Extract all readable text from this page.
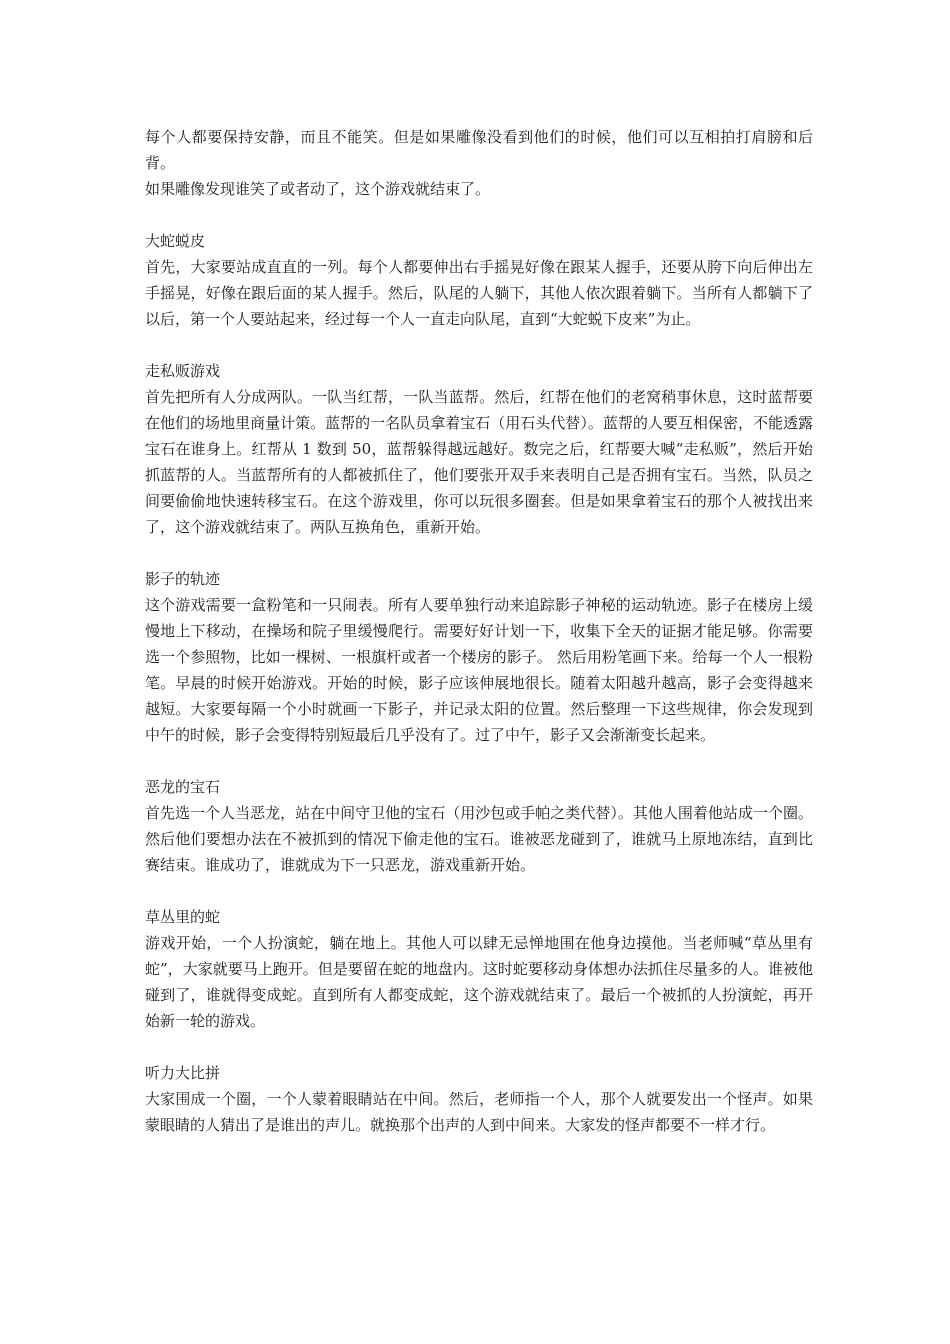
每个人都要保持安静，而且不能笑。但是如果雕像没看到他们的时候，他们可以互相拍打肩膀和后背。

如果雕像发现谁笑了或者动了，这个游戏就结束了。

大蛇蜕皮

首先，大家要站成直直的一列。每个人都要伸出右手摇晃好像在跟某人握手，还要从胯下向后伸出左手摇晃，好像在跟后面的某人握手。然后，队尾的人躺下，其他人依次跟着躺下。当所有人都躺下了以后，第一个人要站起来，经过每一个人一直走向队尾，直到“大蛇蜕下皮来”为止。

走私贩游戏

首先把所有人分成两队。一队当红帮，一队当蓝帮。然后，红帮在他们的老窝稍事休息，这时蓝帮要在他们的场地里商量计策。蓝帮的一名队员拿着宝石（用石头代替）。蓝帮的人要互相保密，不能透露宝石在谁身上。红帮从 1 数到 50，蓝帮躲得越远越好。数完之后，红帮要大喊“走私贩”，然后开始抓蓝帮的人。当蓝帮所有的人都被抓住了，他们要张开双手来表明自己是否拥有宝石。当然，队员之间要偷偷地快速转移宝石。在这个游戏里，你可以玩很多圈套。但是如果拿着宝石的那个人被找出来了，这个游戏就结束了。两队互换角色，重新开始。

影子的轨迹

这个游戏需要一盒粉笔和一只闹表。所有人要单独行动来追踪影子神秘的运动轨迹。影子在楼房上缓慢地上下移动，在操场和院子里缓慢爬行。需要好好计划一下，收集下全天的证据才能足够。你需要选一个参照物，比如一棵树、一根旗杆或者一个楼房的影子。 然后用粉笔画下来。给每一个人一根粉笔。早晨的时候开始游戏。开始的时候，影子应该伸展地很长。随着太阳越升越高，影子会变得越来越短。大家要每隔一个小时就画一下影子，并记录太阳的位置。然后整理一下这些规律，你会发现到中午的时候，影子会变得特别短最后几乎没有了。过了中午，影子又会渐渐变长起来。

恶龙的宝石

首先选一个人当恶龙，站在中间守卫他的宝石（用沙包或手帕之类代替）。其他人围着他站成一个圈。然后他们要想办法在不被抓到的情况下偷走他的宝石。谁被恶龙碰到了，谁就马上原地冻结，直到比赛结束。谁成功了，谁就成为下一只恶龙，游戏重新开始。

草丛里的蛇

游戏开始，一个人扮演蛇，躺在地上。其他人可以肆无忌惮地围在他身边摸他。当老师喊“草丛里有蛇”，大家就要马上跑开。但是要留在蛇的地盘内。这时蛇要移动身体想办法抓住尽量多的人。谁被他碰到了，谁就得变成蛇。直到所有人都变成蛇，这个游戏就结束了。最后一个被抓的人扮演蛇，再开始新一轮的游戏。

听力大比拼

大家围成一个圈，一个人蒙着眼睛站在中间。然后，老师指一个人，那个人就要发出一个怪声。如果蒙眼睛的人猜出了是谁出的声儿。就换那个出声的人到中间来。大家发的怪声都要不一样才行。
